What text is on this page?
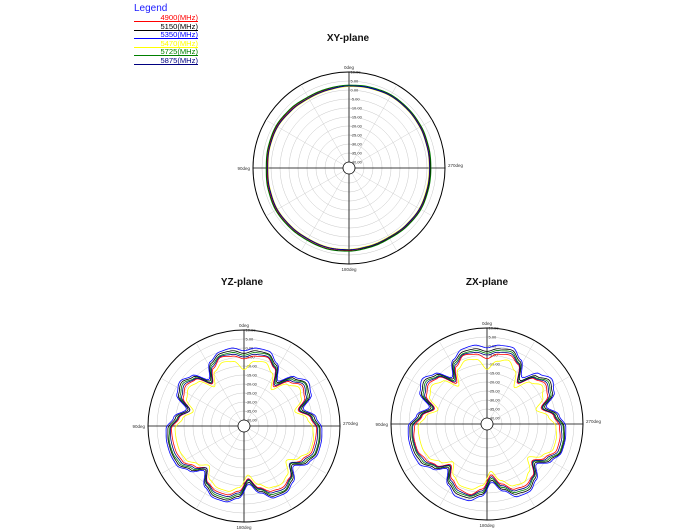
Legend
4900(MHz)
5150(MHz)
5350(MHz)
5470(MHz)
5725(MHz)
5875(MHz)
XY-plane
YZ-plane	ZX-plane
0deg
180deg
270deg
90deg
10.00
5.00
0.00
-5.00
-10.00
-15.00
-20.00
-25.00
-30.00
-35.00
-40.00
0deg
180deg
270deg
90deg
10.00
5.00
0.00
-5.00
-10.00
-15.00
-20.00
-25.00
-30.00
-35.00
-40.00
0deg
180deg
270deg
90deg
10.00
5.00
0.00
-5.00
-10.00
-15.00
-20.00
-25.00
-30.00
-35.00
-40.00
